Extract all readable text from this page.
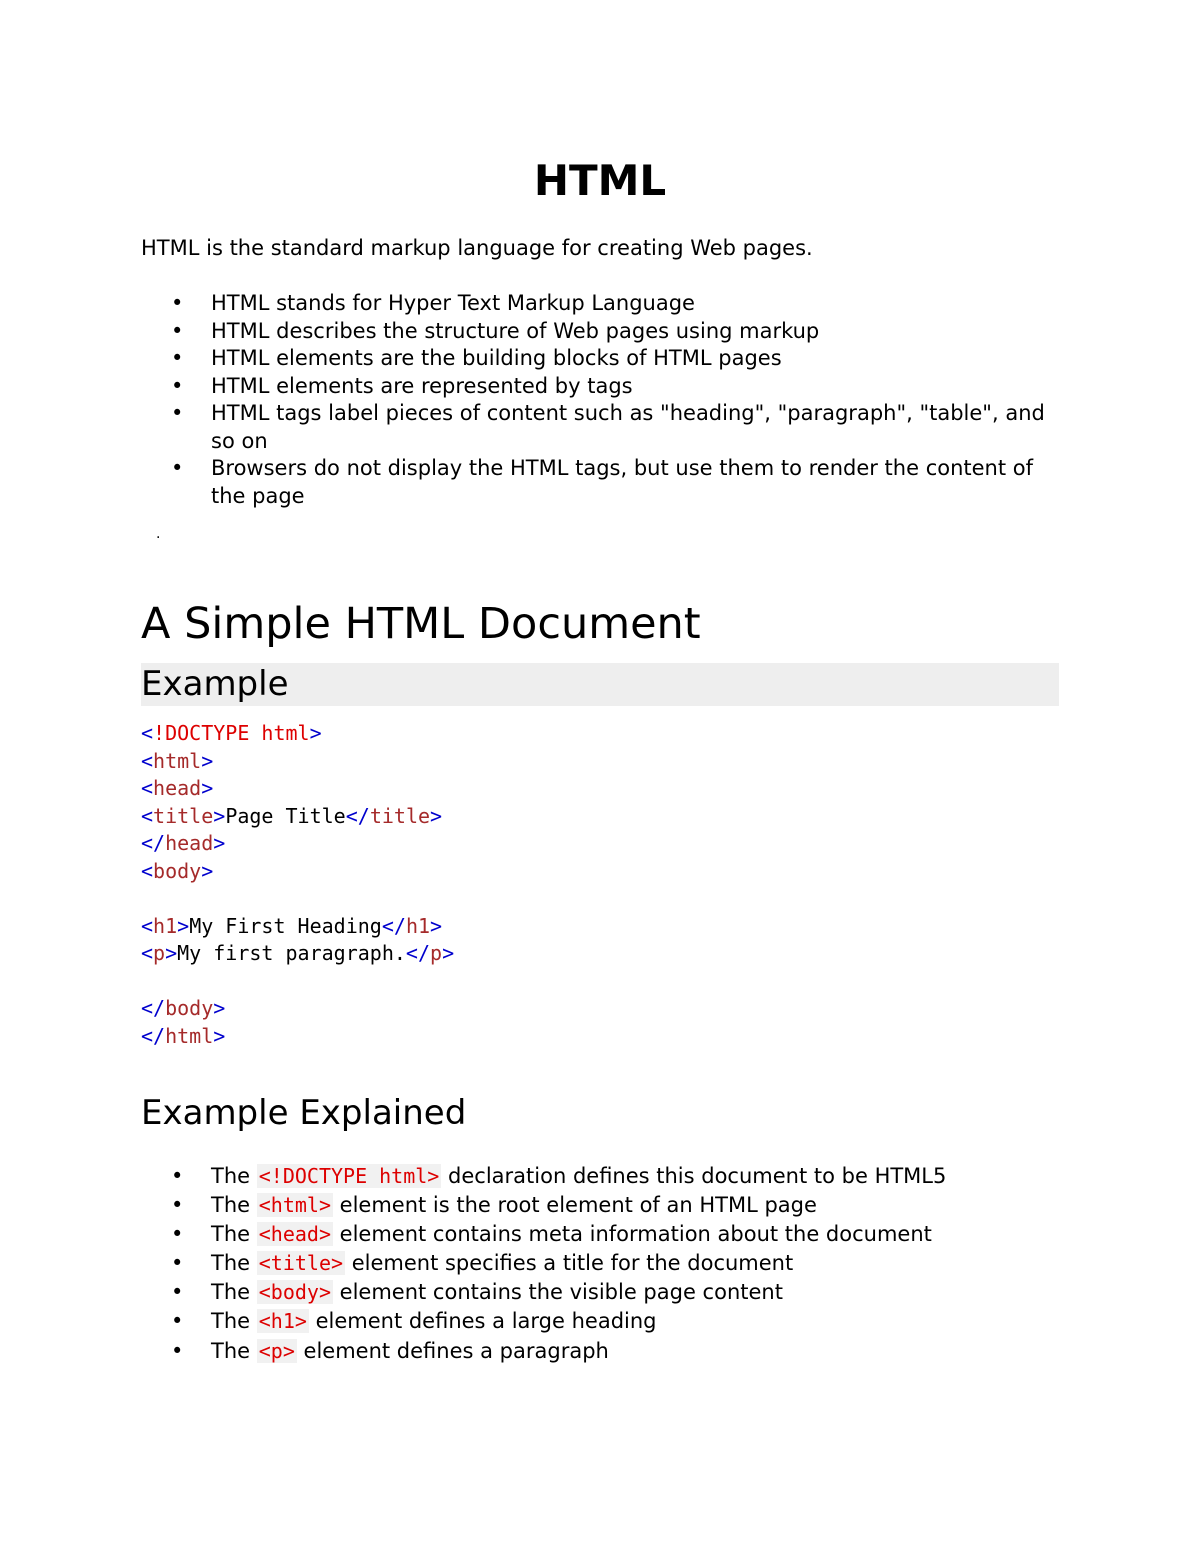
HTML
HTML is the standard markup language for creating Web pages.
• HTML stands for Hyper Text Markup Language
• HTML describes the structure of Web pages using markup
• HTML elements are the building blocks of HTML pages
• HTML elements are represented by tags
• HTML tags label pieces of content such as "heading", "paragraph", "table", and so on
• Browsers do not display the HTML tags, but use them to render the content of the page
.
A Simple HTML Document
Example
<!DOCTYPE html>
<html>
<head>
<title>Page Title</title>
</head>
<body>
<h1>My First Heading</h1>
<p>My first paragraph.</p>
</body>
</html>
Example Explained
• The <!DOCTYPE html> declaration defines this document to be HTML5
• The <html> element is the root element of an HTML page
• The <head> element contains meta information about the document
• The <title> element specifies a title for the document
• The <body> element contains the visible page content
• The <h1> element defines a large heading
• The <p> element defines a paragraph
